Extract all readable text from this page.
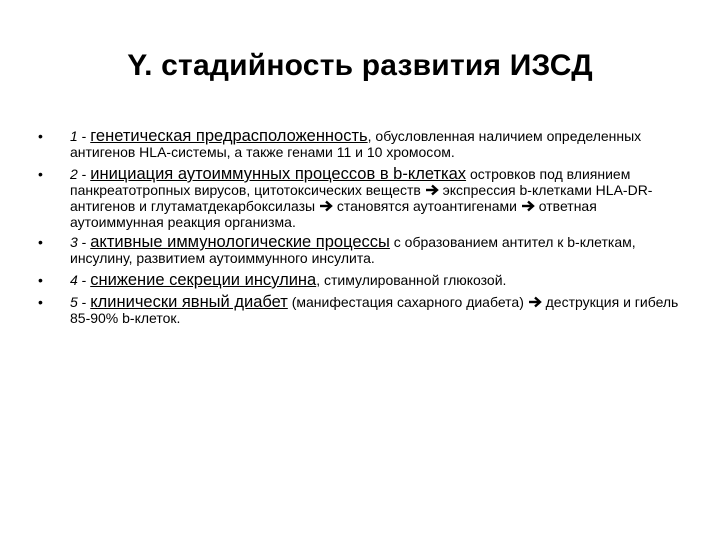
Y. стадийность развития ИЗСД

• 1 - генетическая предрасположенность, обусловленная наличием определенных антигенов HLA-системы, а также генами 11 и 10 хромосом.

• 2 - инициация аутоиммунных процессов в b-клетках островков под влиянием панкреатотропных вирусов, цитотоксических веществ
экспрессия b-клетками HLA-DR-антигенов и глутаматдекарбоксилазы
становятся аутоантигенами
ответная аутоиммунная реакция организма.

• 3 - активные иммунологические процессы с образованием антител к b-клеткам, инсулину, развитием аутоиммунного инсулита.

• 4 - снижение секреции инсулина, стимулированной глюкозой.

• 5 - клинически явный диабет (манифестация сахарного диабета)
деструкция и гибель 85-90% b-клеток.
